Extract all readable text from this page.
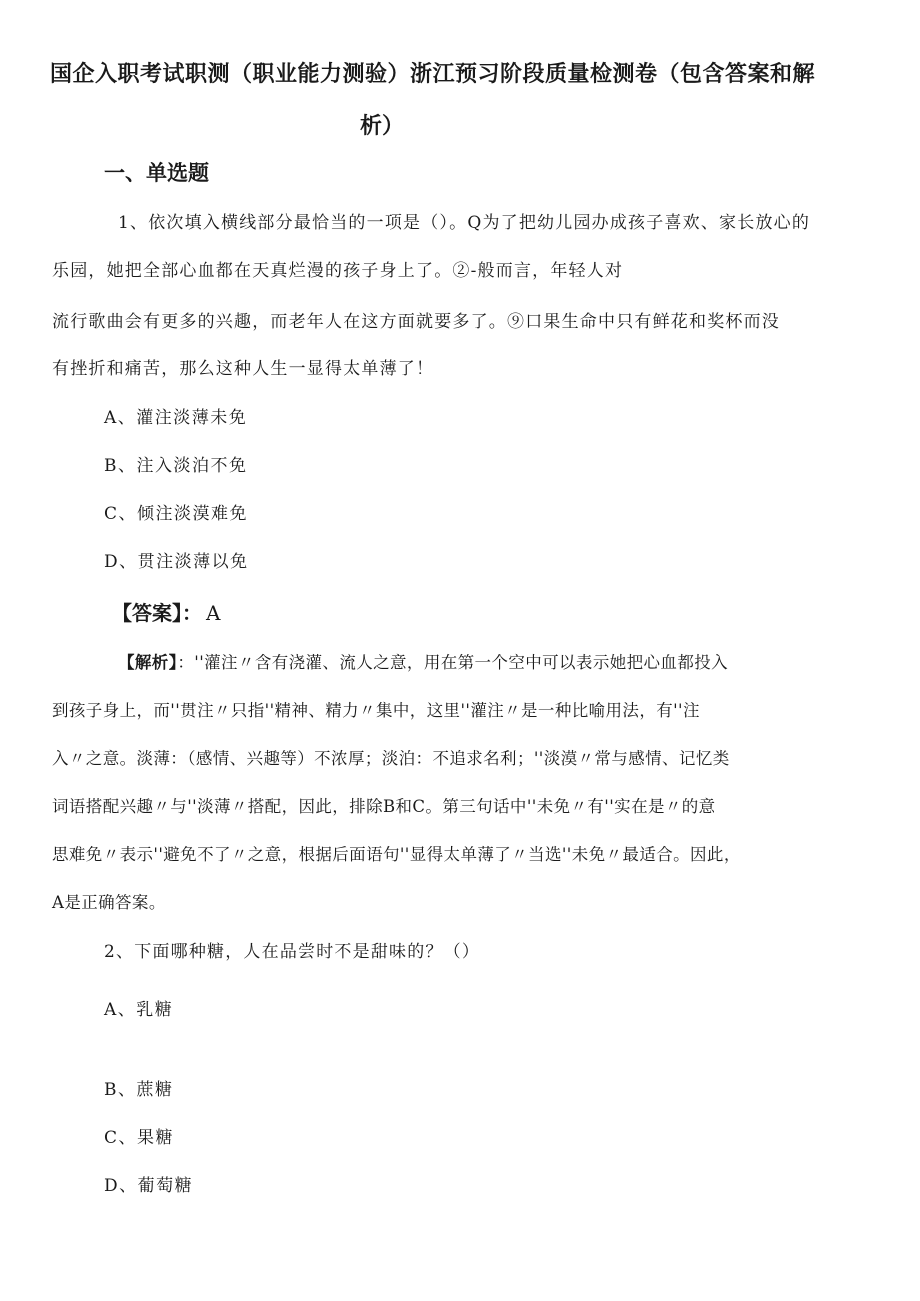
国企入职考试职测（职业能力测验）浙江预习阶段质量检测卷（包含答案和解
析）
一、单选题
1、依次填入横线部分最恰当的一项是（）。Q为了把幼儿园办成孩子喜欢、家长放心的
乐园，她把全部心血都在天真烂漫的孩子身上了。②-般而言，年轻人对
流行歌曲会有更多的兴趣，而老年人在这方面就要多了。⑨口果生命中只有鲜花和奖杯而没
有挫折和痛苦，那么这种人生一显得太单薄了！
A、灌注淡薄未免
B、注入淡泊不免
C、倾注淡漠难免
D、贯注淡薄以免
【答案】： A
【解析】：''灌注〃含有浇灌、流人之意，用在第一个空中可以表示她把心血都投入
到孩子身上，而''贯注〃只指''精神、精力〃集中，这里''灌注〃是一种比喻用法，有''注
入〃之意。淡薄：（感情、兴趣等）不浓厚；淡泊：不追求名利；''淡漠〃常与感情、记忆类
词语搭配兴趣〃与''淡薄〃搭配，因此，排除B和C。第三句话中''未免〃有''实在是〃的意
思难免〃表示''避免不了〃之意，根据后面语句''显得太单薄了〃当选''未免〃最适合。因此，
A是正确答案。
2、下面哪种糖，人在品尝时不是甜味的？（）
A、乳糖
B、蔗糖
C、果糖
D、葡萄糖
